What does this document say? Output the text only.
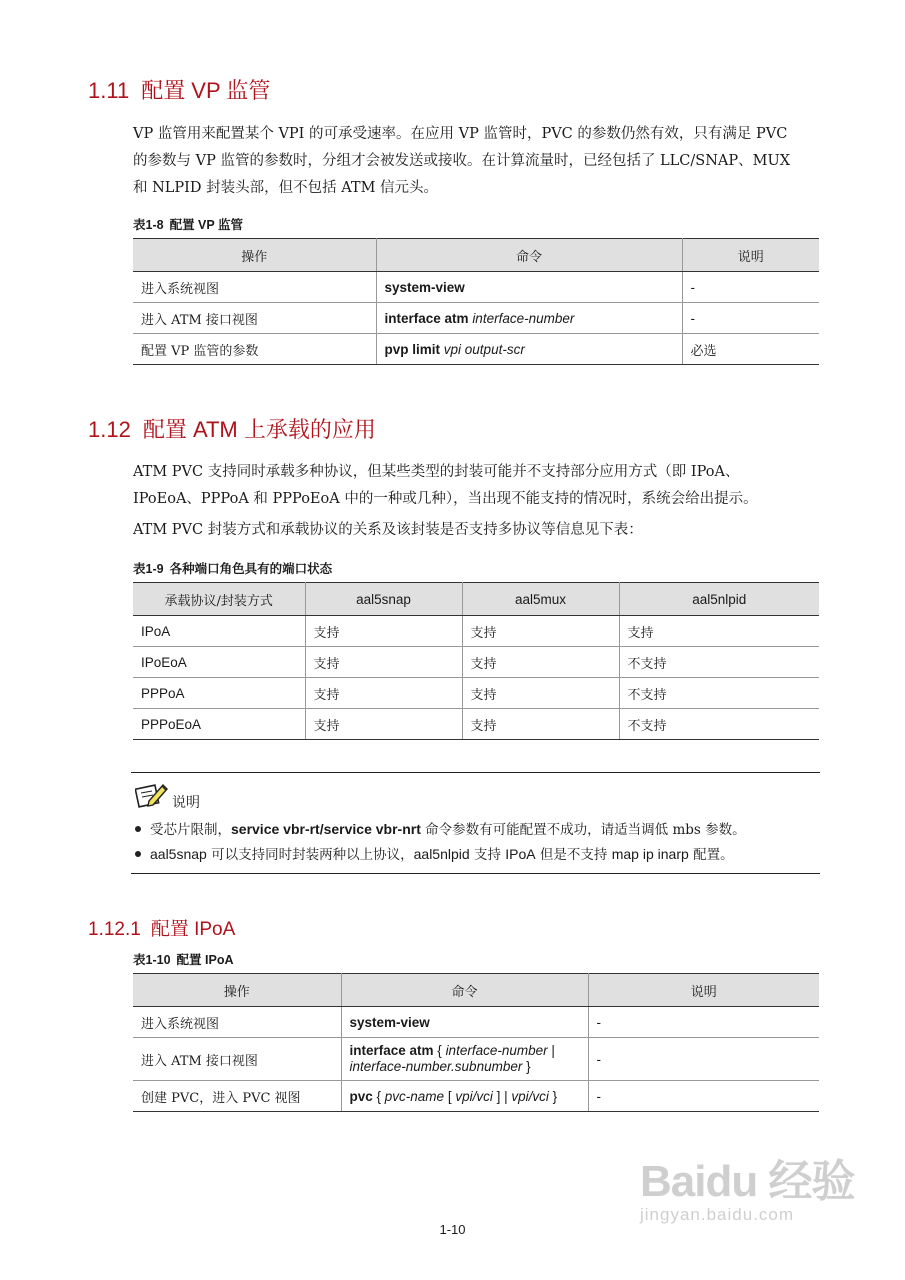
1.11 配置 VP 监管
VP 监管用来配置某个 VPI 的可承受速率。在应用 VP 监管时，PVC 的参数仍然有效，只有满足 PVC
的参数与 VP 监管的参数时，分组才会被发送或接收。在计算流量时，已经包括了 LLC/SNAP、MUX
和 NLPID 封装头部，但不包括 ATM 信元头。
表1-8 配置 VP 监管
操作	命令	说明
进入系统视图	system-view	-
进入 ATM 接口视图	interface atm interface-number	-
配置 VP 监管的参数	pvp limit vpi output-scr	必选
1.12 配置 ATM 上承载的应用
ATM PVC 支持同时承载多种协议，但某些类型的封装可能并不支持部分应用方式（即 IPoA、
IPoEoA、PPPoA 和 PPPoEoA 中的一种或几种），当出现不能支持的情况时，系统会给出提示。
ATM PVC 封装方式和承载协议的关系及该封装是否支持多协议等信息见下表：
表1-9 各种端口角色具有的端口状态
承载协议/封装方式	aal5snap	aal5mux	aal5nlpid
IPoA	支持	支持	支持
IPoEoA	支持	支持	不支持
PPPoA	支持	支持	不支持
PPPoEoA	支持	支持	不支持
说明
受芯片限制，service vbr-rt/service vbr-nrt 命令参数有可能配置不成功，请适当调低 mbs 参数。
aal5snap 可以支持同时封装两种以上协议，aal5nlpid 支持 IPoA 但是不支持 map ip inarp 配置。
1.12.1 配置 IPoA
表1-10 配置 IPoA
操作	命令	说明
进入系统视图	system-view	-
进入 ATM 接口视图	interface atm { interface-number |
interface-number.subnumber }	-
创建 PVC，进入 PVC 视图	pvc { pvc-name [ vpi/vci ] | vpi/vci }	-
Baidu 经验
jingyan.baidu.com
1-10
